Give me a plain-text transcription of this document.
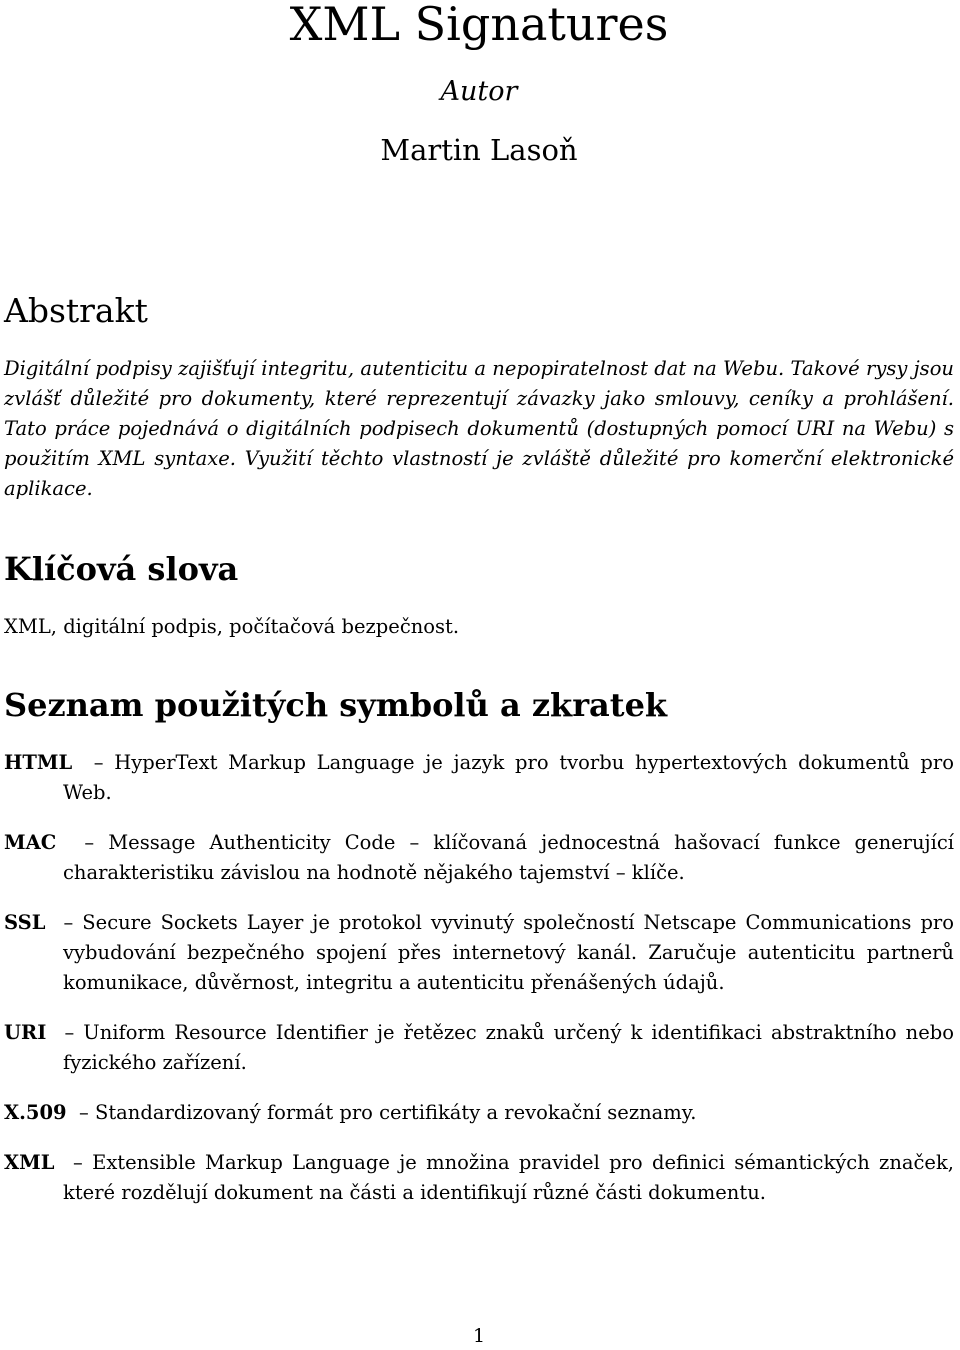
XML Signatures
Autor
Martin Lasoň
Abstrakt

Digitální podpisy zajišťují integritu, autenticitu a nepopiratelnost dat na Webu. Takové rysy jsou zvlášť důležité pro dokumenty, které reprezentují závazky jako smlouvy, ceníky a prohlášení. Tato práce pojednává o digitálních podpisech dokumentů (dostupných pomocí URI na Webu) s použitím XML syntaxe. Využití těchto vlastností je zvláště důležité pro komerční elektronické aplikace.

Klíčová slova

XML, digitální podpis, počítačová bezpečnost.

Seznam použitých symbolů a zkratek

HTML  – HyperText Markup Language je jazyk pro tvorbu hypertextových dokumentů pro Web.

MAC  – Message Authenticity Code – klíčovaná jednocestná hašovací funkce generující charakteristiku závislou na hodnotě nějakého tajemství – klíče.

SSL  – Secure Sockets Layer je protokol vyvinutý společností Netscape Communications pro vybudování bezpečného spojení přes internetový kanál. Zaručuje autenticitu partnerů komunikace, důvěrnost, integritu a autenticitu přenášených údajů.

URI  – Uniform Resource Identifier je řetězec znaků určený k identifikaci abstraktního nebo fyzického zařízení.

X.509  – Standardizovaný formát pro certifikáty a revokační seznamy.

XML  – Extensible Markup Language je množina pravidel pro definici sémantických značek, které rozdělují dokument na části a identifikují různé části dokumentu.

1
